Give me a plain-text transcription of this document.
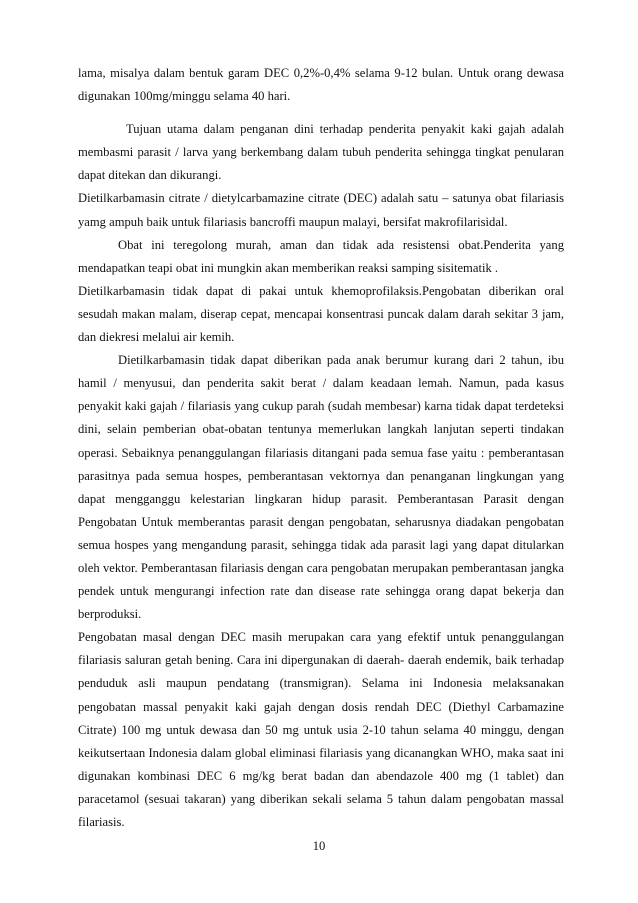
lama, misalya dalam bentuk garam DEC 0,2%-0,4% selama 9-12 bulan. Untuk orang dewasa digunakan 100mg/minggu selama 40 hari.

Tujuan utama dalam penganan dini terhadap penderita penyakit kaki gajah adalah membasmi parasit / larva yang berkembang dalam tubuh penderita sehingga tingkat penularan dapat ditekan dan dikurangi.

Dietilkarbamasin citrate / dietylcarbamazine citrate (DEC) adalah satu – satunya obat filariasis yamg ampuh baik untuk filariasis bancroffi maupun malayi, bersifat makrofilarisidal.

Obat ini teregolong murah, aman dan tidak ada resistensi obat.Penderita yang mendapatkan teapi obat ini mungkin akan memberikan reaksi samping sisitematik .

Dietilkarbamasin tidak dapat di pakai untuk khemoprofilaksis.Pengobatan diberikan oral sesudah makan malam, diserap cepat, mencapai konsentrasi puncak dalam darah sekitar 3 jam, dan diekresi melalui air kemih.

Dietilkarbamasin tidak dapat diberikan pada anak berumur kurang dari 2 tahun, ibu hamil / menyusui, dan penderita sakit berat / dalam keadaan lemah. Namun, pada kasus penyakit kaki gajah / filariasis yang cukup parah (sudah membesar) karna tidak dapat terdeteksi dini, selain pemberian obat-obatan tentunya memerlukan langkah lanjutan seperti tindakan operasi. Sebaiknya penanggulangan filariasis ditangani pada semua fase yaitu : pemberantasan parasitnya pada semua hospes, pemberantasan vektornya dan penanganan lingkungan yang dapat mengganggu kelestarian lingkaran hidup parasit. Pemberantasan Parasit dengan Pengobatan Untuk memberantas parasit dengan pengobatan, seharusnya diadakan pengobatan semua hospes yang mengandung parasit, sehingga tidak ada parasit lagi yang dapat ditularkan oleh vektor. Pemberantasan filariasis dengan cara pengobatan merupakan pemberantasan jangka pendek untuk mengurangi infection rate dan disease rate sehingga orang dapat bekerja dan berproduksi.

Pengobatan masal dengan DEC masih merupakan cara yang efektif untuk penanggulangan filariasis saluran getah bening. Cara ini dipergunakan di daerah- daerah endemik, baik terhadap penduduk asli maupun pendatang (transmigran). Selama ini Indonesia melaksanakan pengobatan massal penyakit kaki gajah dengan dosis rendah DEC (Diethyl Carbamazine Citrate) 100 mg untuk dewasa dan 50 mg untuk usia 2-10 tahun selama 40 minggu, dengan keikutsertaan Indonesia dalam global eliminasi filariasis yang dicanangkan WHO, maka saat ini digunakan kombinasi DEC 6 mg/kg berat badan dan abendazole 400 mg (1 tablet) dan paracetamol (sesuai takaran) yang diberikan sekali selama 5 tahun dalam pengobatan massal filariasis.

10
